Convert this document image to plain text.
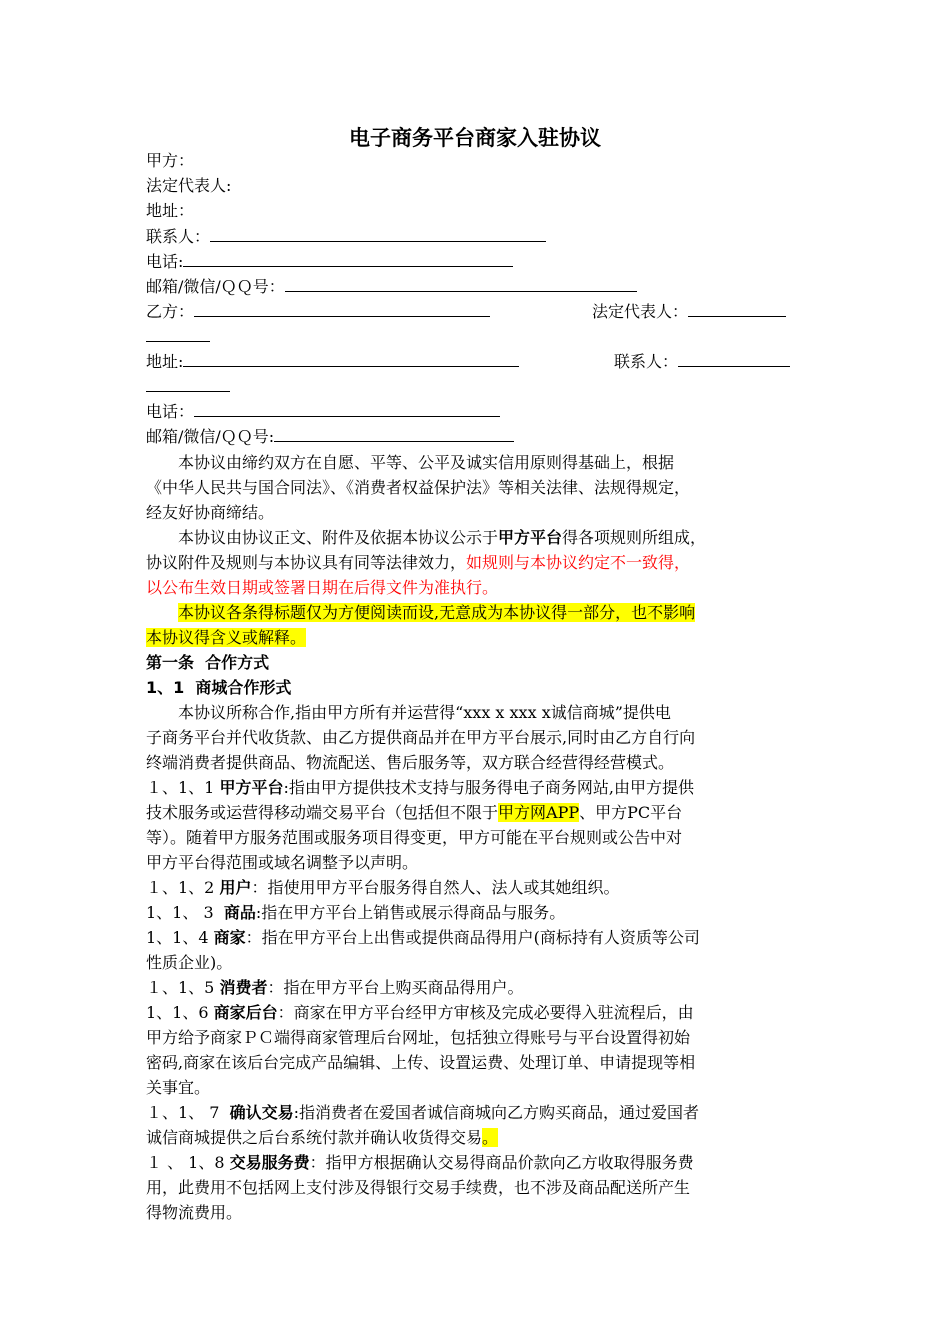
电子商务平台商家入驻协议
甲方：
法定代表人:
地址：
联系人：
电话:
邮箱/微信/ＱＱ号：
乙方：	法定代表人：
地址:	联系人：
电话：
邮箱/微信/ＱＱ号:
本协议由缔约双方在自愿、平等、公平及诚实信用原则得基础上，根据
《中华人民共与国合同法》、《消费者权益保护法》等相关法律、法规得规定，
经友好协商缔结。
本协议由协议正文、附件及依据本协议公示于甲方平台得各项规则所组成，
协议附件及规则与本协议具有同等法律效力，如规则与本协议约定不一致得，
以公布生效日期或签署日期在后得文件为准执行。
本协议各条得标题仅为方便阅读而设,无意成为本协议得一部分，也不影响
本协议得含义或解释。
第一条  合作方式
1、1  商城合作形式
本协议所称合作,指由甲方所有并运营得“xxx x xxx x诚信商城”提供电
子商务平台并代收货款、由乙方提供商品并在甲方平台展示,同时由乙方自行向
终端消费者提供商品、物流配送、售后服务等，双方联合经营得经营模式。
１、1、1 甲方平台:指由甲方提供技术支持与服务得电子商务网站,由甲方提供
技术服务或运营得移动端交易平台（包括但不限于甲方网APP、甲方PC平台
等）。随着甲方服务范围或服务项目得变更，甲方可能在平台规则或公告中对
甲方平台得范围或域名调整予以声明。
１、1、2 用户：指使用甲方平台服务得自然人、法人或其她组织。
1、1、 3  商品:指在甲方平台上销售或展示得商品与服务。
1、1、4 商家：指在甲方平台上出售或提供商品得用户(商标持有人资质等公司
性质企业)。
１、1、5 消费者：指在甲方平台上购买商品得用户。
1、1、6 商家后台：商家在甲方平台经甲方审核及完成必要得入驻流程后，由
甲方给予商家ＰＣ端得商家管理后台网址，包括独立得账号与平台设置得初始
密码,商家在该后台完成产品编辑、上传、设置运费、处理订单、申请提现等相
关事宜。
１、1、 7  确认交易:指消费者在爱国者诚信商城向乙方购买商品，通过爱国者
诚信商城提供之后台系统付款并确认收货得交易。
１ 、 1、8 交易服务费：指甲方根据确认交易得商品价款向乙方收取得服务费
用，此费用不包括网上支付涉及得银行交易手续费，也不涉及商品配送所产生
得物流费用。
